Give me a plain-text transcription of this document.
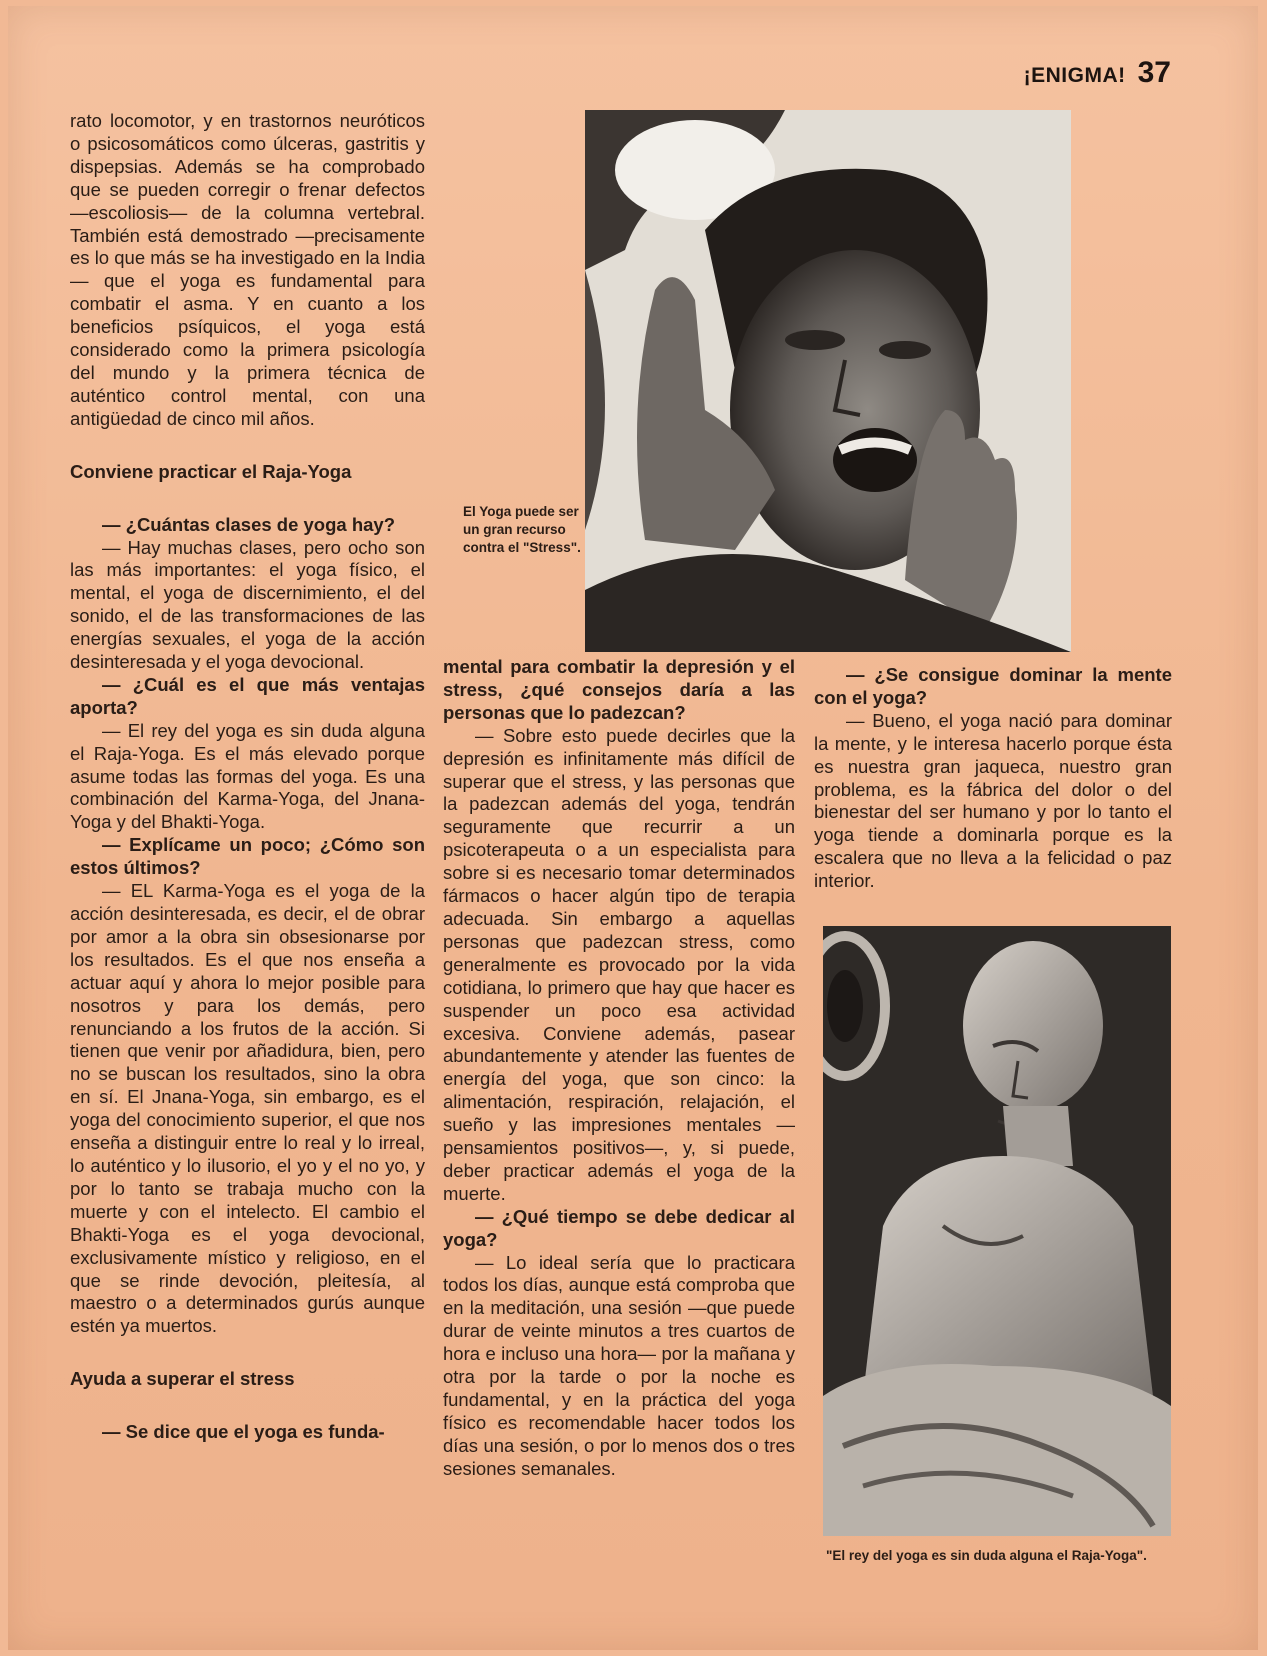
¡ENIGMA! 37

rato locomotor, y en trastornos neuróticos o psicosomáticos como úlceras, gastritis y dispepsias. Además se ha comprobado que se pueden corregir o frenar defectos —escoliosis— de la columna vertebral. También está demostrado —precisamente es lo que más se ha investigado en la India— que el yoga es fundamental para combatir el asma. Y en cuanto a los beneficios psíquicos, el yoga está considerado como la primera psicología del mundo y la primera técnica de auténtico control mental, con una antigüedad de cinco mil años.

Conviene practicar el Raja-Yoga

— ¿Cuántas clases de yoga hay?

— Hay muchas clases, pero ocho son las más importantes: el yoga físico, el mental, el yoga de discernimiento, el del sonido, el de las transformaciones de las energías sexuales, el yoga de la acción desinteresada y el yoga devocional.

— ¿Cuál es el que más ventajas aporta?

— El rey del yoga es sin duda alguna el Raja-Yoga. Es el más elevado porque asume todas las formas del yoga. Es una combinación del Karma-Yoga, del Jnana-Yoga y del Bhakti-Yoga.

— Explícame un poco; ¿Cómo son estos últimos?

— EL Karma-Yoga es el yoga de la acción desinteresada, es decir, el de obrar por amor a la obra sin obsesionarse por los resultados. Es el que nos enseña a actuar aquí y ahora lo mejor posible para nosotros y para los demás, pero renunciando a los frutos de la acción. Si tienen que venir por añadidura, bien, pero no se buscan los resultados, sino la obra en sí. El Jnana-Yoga, sin embargo, es el yoga del conocimiento superior, el que nos enseña a distinguir entre lo real y lo irreal, lo auténtico y lo ilusorio, el yo y el no yo, y por lo tanto se trabaja mucho con la muerte y con el intelecto. El cambio el Bhakti-Yoga es el yoga devocional, exclusivamente místico y religioso, en el que se rinde devoción, pleitesía, al maestro o a determinados gurús aunque estén ya muertos.

Ayuda a superar el stress

— Se dice que el yoga es funda-

El Yoga puede ser un gran recurso contra el "Stress".

mental para combatir la depresión y el stress, ¿qué consejos daría a las personas que lo padezcan?

— Sobre esto puede decirles que la depresión es infinitamente más difícil de superar que el stress, y las personas que la padezcan además del yoga, tendrán seguramente que recurrir a un psicoterapeuta o a un especialista para sobre si es necesario tomar determinados fármacos o hacer algún tipo de terapia adecuada. Sin embargo a aquellas personas que padezcan stress, como generalmente es provocado por la vida cotidiana, lo primero que hay que hacer es suspender un poco esa actividad excesiva. Conviene además, pasear abundantemente y atender las fuentes de energía del yoga, que son cinco: la alimentación, respiración, relajación, el sueño y las impresiones mentales —pensamientos positivos—, y, si puede, deber practicar además el yoga de la muerte.

— ¿Qué tiempo se debe dedicar al yoga?

— Lo ideal sería que lo practicara todos los días, aunque está comproba que en la meditación, una sesión —que puede durar de veinte minutos a tres cuartos de hora e incluso una hora— por la mañana y otra por la tarde o por la noche es fundamental, y en la práctica del yoga físico es recomendable hacer todos los días una sesión, o por lo menos dos o tres sesiones semanales.

— ¿Se consigue dominar la mente con el yoga?

— Bueno, el yoga nació para dominar la mente, y le interesa hacerlo porque ésta es nuestra gran jaqueca, nuestro gran problema, es la fábrica del dolor o del bienestar del ser humano y por lo tanto el yoga tiende a dominarla porque es la escalera que no lleva a la felicidad o paz interior.

"El rey del yoga es sin duda alguna el Raja-Yoga".
